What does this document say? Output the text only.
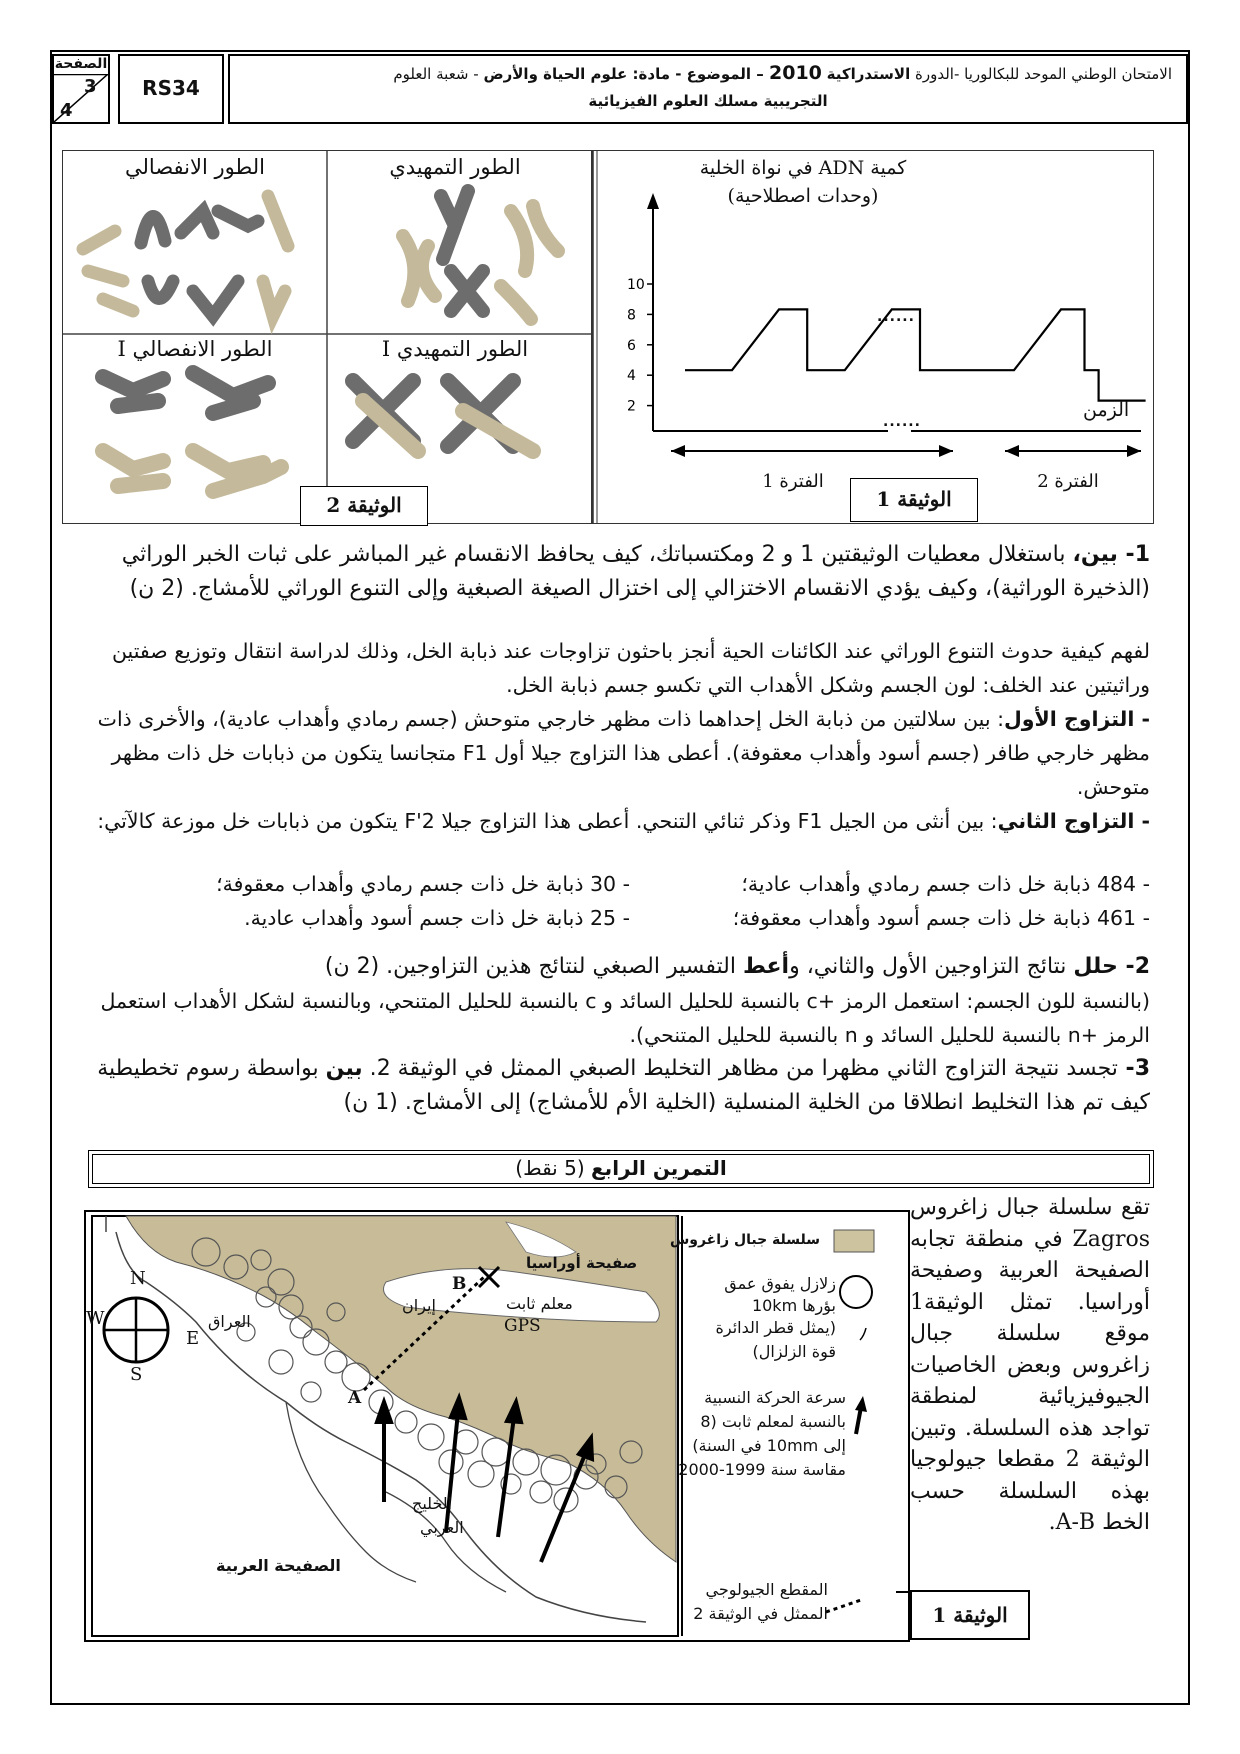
الصفحة
3
4
RS34
الامتحان الوطني الموحد للبكالوريا -الدورة الاستدراكية 2010 – الموضوع - مادة: علوم الحياة والأرض - شعبة العلوم
التجريبية مسلك العلوم الفيزيائية
الطور الانفصالي	الطور التمهيدي
الطور الانفصالي I	الطور التمهيدي I
الوثيقة 2
10
8
6
4
2
كمية ADN في نواة الخلية
(وحدات اصطلاحية)
الزمن
......
......
الفترة 1	الفترة 2
الوثيقة 1
1- بين، باستغلال معطيات الوثيقتين 1 و 2 ومكتسباتك، كيف يحافظ الانقسام غير المباشر على ثبات الخبر الوراثي (الذخيرة الوراثية)، وكيف يؤدي الانقسام الاختزالي إلى اختزال الصيغة الصبغية وإلى التنوع الوراثي للأمشاج. (2 ن)
لفهم كيفية حدوث التنوع الوراثي عند الكائنات الحية أنجز باحثون تزاوجات عند ذبابة الخل، وذلك لدراسة انتقال وتوزيع صفتين وراثيتين عند الخلف: لون الجسم وشكل الأهداب التي تكسو جسم ذبابة الخل.
- التزاوج الأول: بين سلالتين من ذبابة الخل إحداهما ذات مظهر خارجي متوحش (جسم رمادي وأهداب عادية)، والأخرى ذات مظهر خارجي طافر (جسم أسود وأهداب معقوفة). أعطى هذا التزاوج جيلا أول F1 متجانسا يتكون من ذبابات خل ذات مظهر متوحش.
- التزاوج الثاني: بين أنثى من الجيل F1 وذكر ثنائي التنحي. أعطى هذا التزاوج جيلا F'2 يتكون من ذبابات خل موزعة كالآتي:
- 484 ذبابة خل ذات جسم رمادي وأهداب عادية؛
- 30 ذبابة خل ذات جسم رمادي وأهداب معقوفة؛
- 461 ذبابة خل ذات جسم أسود وأهداب معقوفة؛
- 25 ذبابة خل ذات جسم أسود وأهداب عادية.
2- حلل نتائج التزاوجين الأول والثاني، وأعط التفسير الصبغي لنتائج هذين التزاوجين. (2 ن)
(بالنسبة للون الجسم: استعمل الرمز +c بالنسبة للحليل السائد و c بالنسبة للحليل المتنحي، وبالنسبة لشكل الأهداب استعمل الرمز +n بالنسبة للحليل السائد و n بالنسبة للحليل المتنحي).
3- تجسد نتيجة التزاوج الثاني مظهرا من مظاهر التخليط الصبغي الممثل في الوثيقة 2. بين بواسطة رسوم تخطيطية كيف تم هذا التخليط انطلاقا من الخلية المنسلية (الخلية الأم للأمشاج) إلى الأمشاج. (1 ن)
التمرين الرابع (5 نقط)
تقع سلسلة جبال زاغروس Zagros في منطقة تجابه الصفيحة العربية وصفيحة أوراسيا. تمثل الوثيقة1 موقع سلسلة جبال زاغروس وبعض الخاصيات الجيوفيزيائية لمنطقة تواجد هذه السلسلة. وتبين الوثيقة 2 مقطعا جيولوجيا بهذه السلسلة حسب الخط A-B.
صفيحة أوراسيا
إيران
العراق
معلم ثابت
GPS
B
A
الخليج
العربي
الصفيحة العربية
N
S
E
W
سلسلة جبال زاغروس
زلازل يفوق عمق
بؤرها 10km
(يمثل قطر الدائرة
قوة الزلزال)
سرعة الحركة النسبية
بالنسبة لمعلم ثابت (8
إلى 10mm في السنة)
مقاسة سنة 1999-2000
المقطع الجيولوجي
الممثل في الوثيقة 2	الوثيقة 1
